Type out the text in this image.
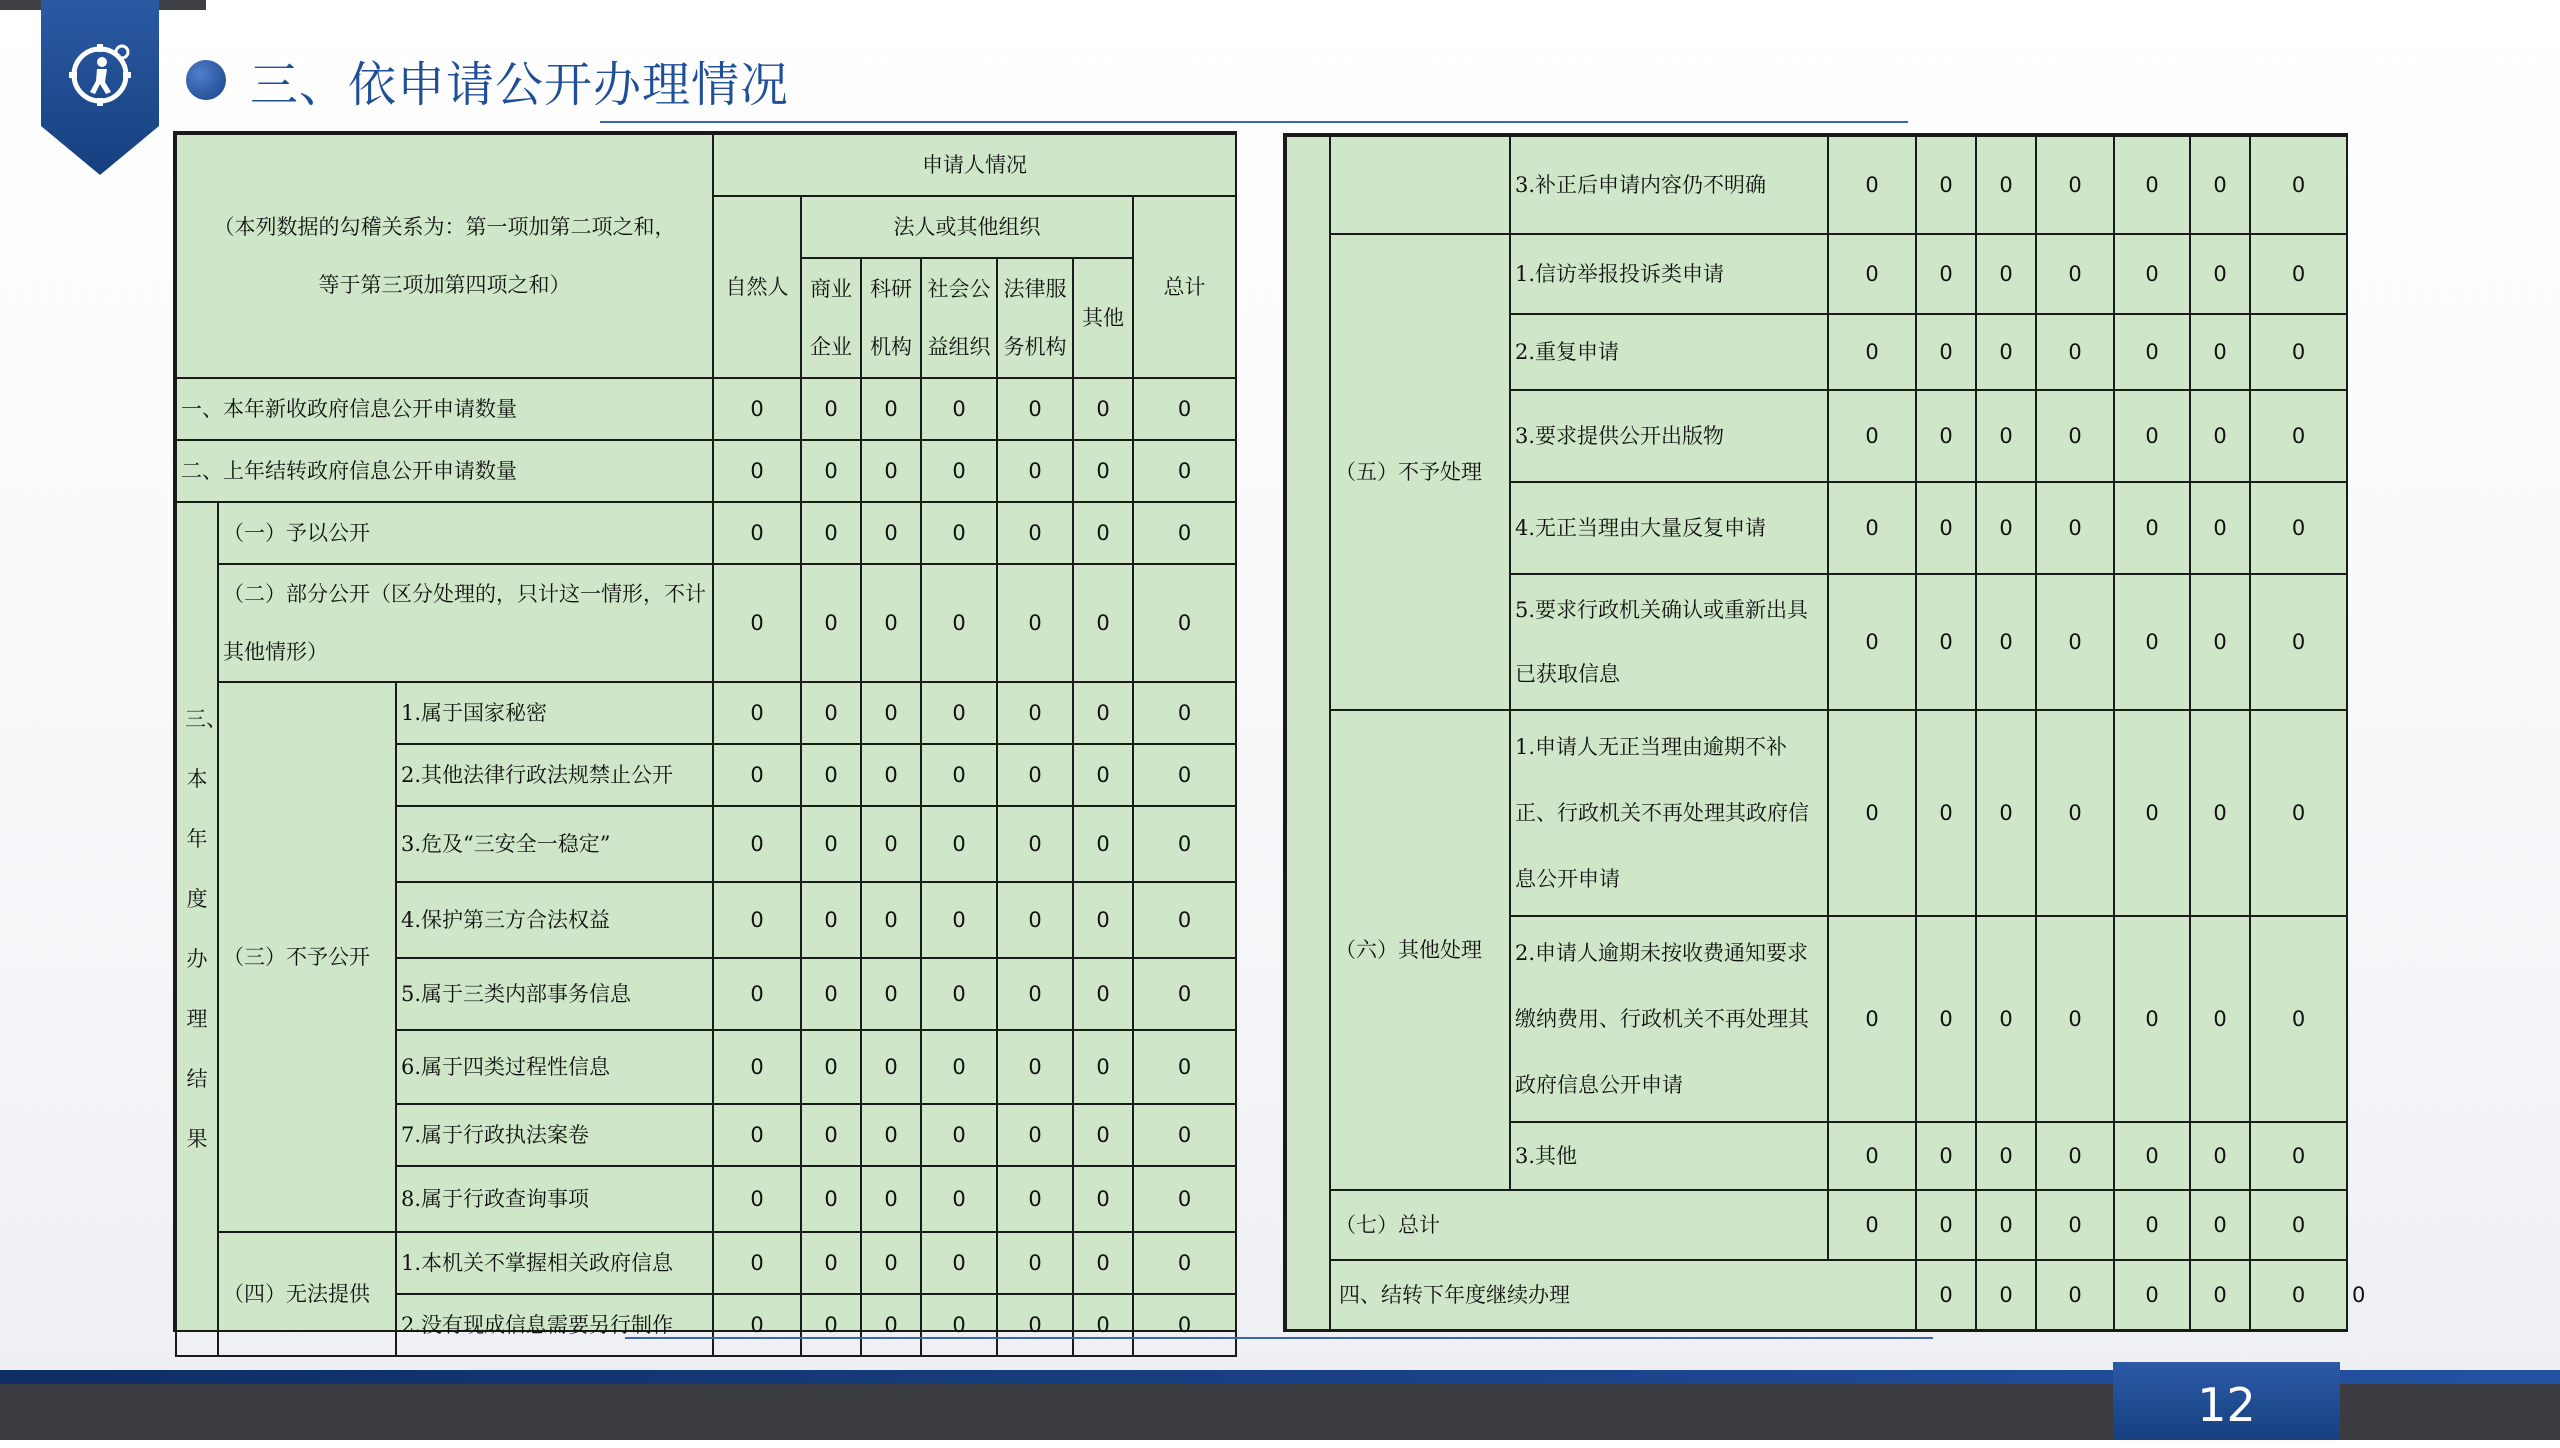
三、依申请公开办理情况
（本列数据的勾稽关系为：第一项加第二项之和，
等于第三项加第四项之和）			申请人情况						
			自然人	法人或其他组织					总计
				商业企业	科研机构	社会公益组织	法律服务机构	其他	

一、本年新收政府信息公开申请数量			0	0	0	0	0	0	0
二、上年结转政府信息公开申请数量			0	0	0	0	0	0	0
三、本年度办理结果	（一）予以公开		0	0	0	0	0	0	0
	（二）部分公开（区分处理的，只计这一情形，不计其他情形）		0	0	0	0	0	0	0
	（三）不予公开	1.属于国家秘密	0	0	0	0	0	0	0
		2.其他法律行政法规禁止公开	0	0	0	0	0	0	0
		3.危及“三安全一稳定”	0	0	0	0	0	0	0
		4.保护第三方合法权益	0	0	0	0	0	0	0
		5.属于三类内部事务信息	0	0	0	0	0	0	0
		6.属于四类过程性信息	0	0	0	0	0	0	0
		7.属于行政执法案卷	0	0	0	0	0	0	0
		8.属于行政查询事项	0	0	0	0	0	0	0
	（四）无法提供	1.本机关不掌握相关政府信息	0	0	0	0	0	0	0
		2.没有现成信息需要另行制作	0	0	0	0	0	0	0
		3.补正后申请内容仍不明确	0	0	0	0	0	0	0	
	（五）不予处理	1.信访举报投诉类申请	0	0	0	0	0	0	0	
		2.重复申请	0	0	0	0	0	0	0	
		3.要求提供公开出版物	0	0	0	0	0	0	0	
		4.无正当理由大量反复申请	0	0	0	0	0	0	0	
		5.要求行政机关确认或重新出具已获取信息	0	0	0	0	0	0	0	
	（六）其他处理	1.申请人无正当理由逾期不补正、行政机关不再处理其政府信息公开申请	0	0	0	0	0	0	0	
		2.申请人逾期未按收费通知要求缴纳费用、行政机关不再处理其政府信息公开申请	0	0	0	0	0	0	0	
		3.其他	0	0	0	0	0	0	0	
	（七）总计		0	0	0	0	0	0	0	
	四、结转下年度继续办理			0	0	0	0	0	0	0
12
